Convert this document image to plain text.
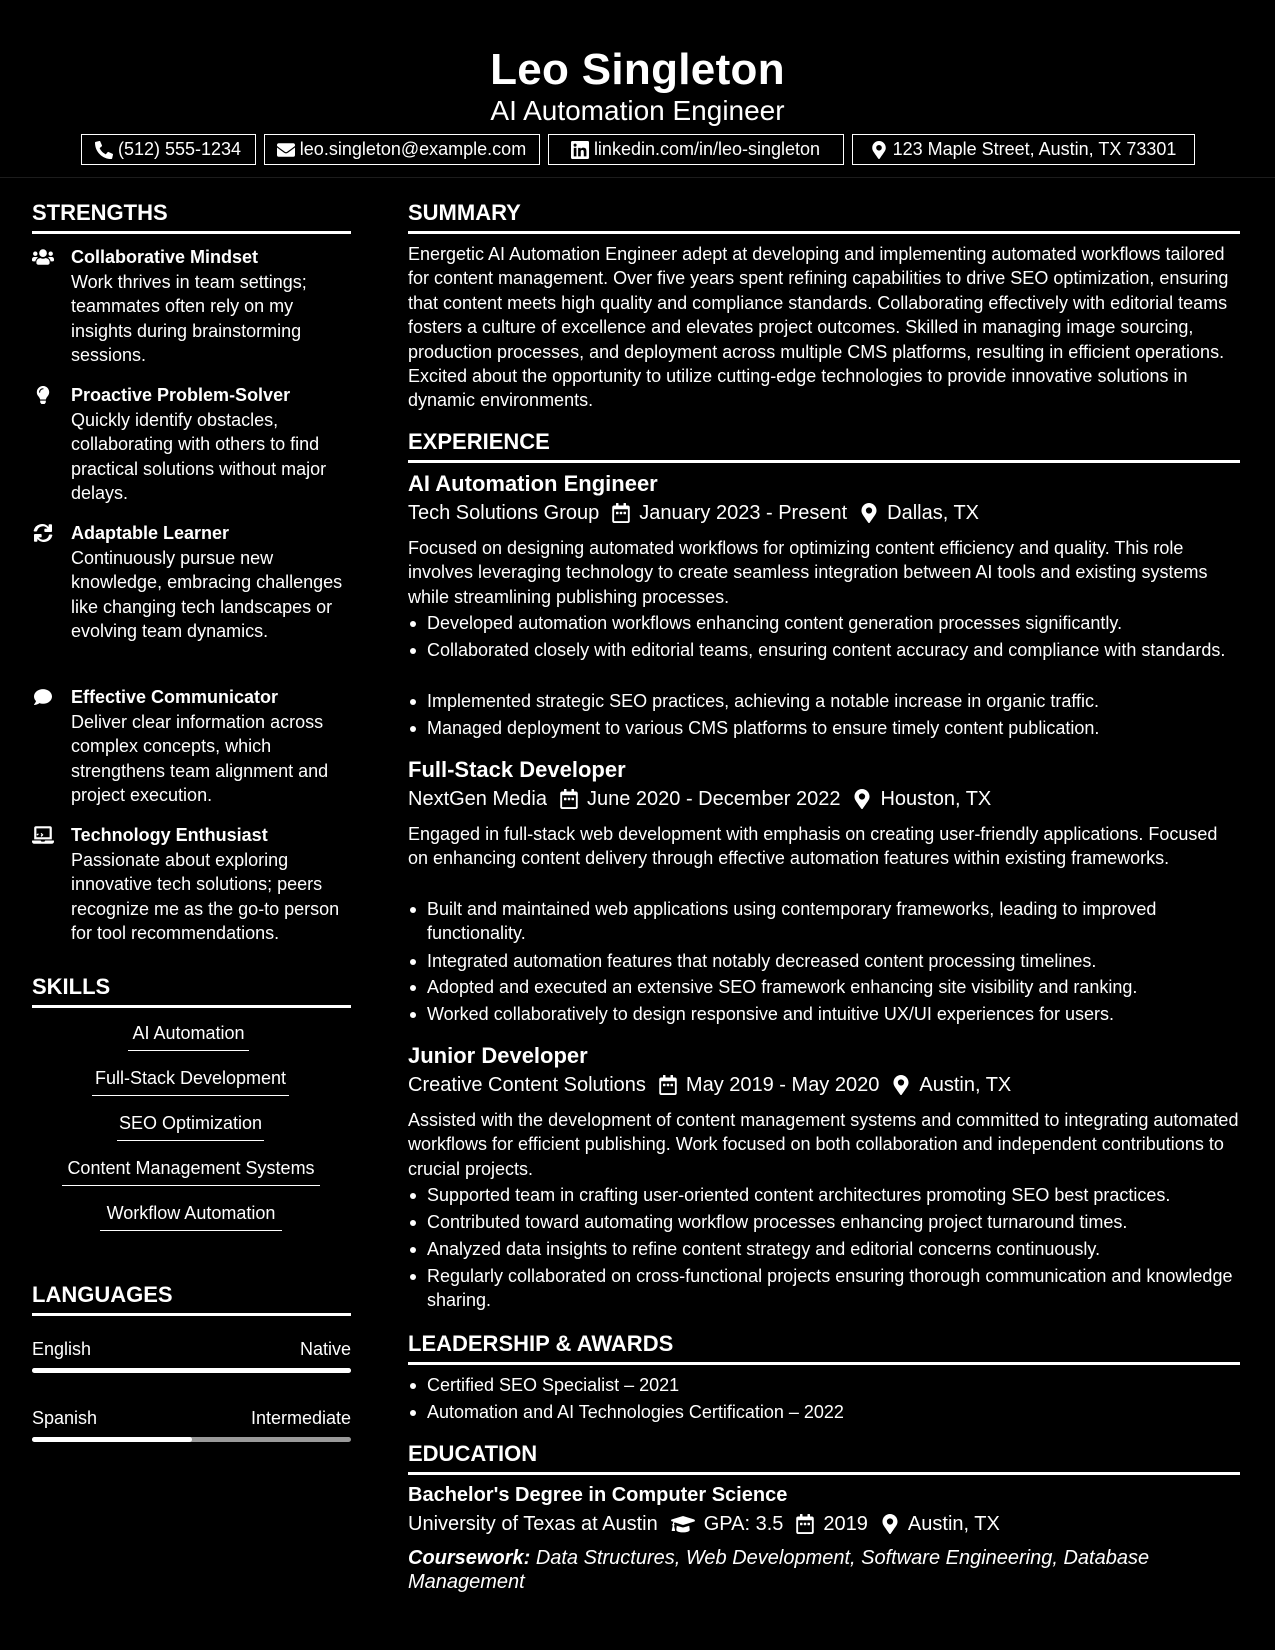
Leo Singleton
AI Automation Engineer
(512) 555-1234	leo.singleton@example.com	linkedin.com/in/leo-singleton	123 Maple Street, Austin, TX 73301
STRENGTHS
Collaborative Mindset
Work thrives in team settings; teammates often rely on my insights during brainstorming sessions.
Proactive Problem-Solver
Quickly identify obstacles, collaborating with others to find practical solutions without major delays.
Adaptable Learner
Continuously pursue new knowledge, embracing challenges like changing tech landscapes or evolving team dynamics.
Effective Communicator
Deliver clear information across complex concepts, which strengthens team alignment and project execution.
Technology Enthusiast
Passionate about exploring innovative tech solutions; peers recognize me as the go-to person for tool recommendations.
SKILLS
AI Automation
Full-Stack Development
SEO Optimization
Content Management Systems
Workflow Automation
LANGUAGES
English	Native
Spanish	Intermediate
SUMMARY
Energetic AI Automation Engineer adept at developing and implementing automated workflows tailored for content management. Over five years spent refining capabilities to drive SEO optimization, ensuring that content meets high quality and compliance standards. Collaborating effectively with editorial teams fosters a culture of excellence and elevates project outcomes. Skilled in managing image sourcing, production processes, and deployment across multiple CMS platforms, resulting in efficient operations. Excited about the opportunity to utilize cutting-edge technologies to provide innovative solutions in dynamic environments.
EXPERIENCE
AI Automation Engineer
Tech Solutions Group January 2023 - Present Dallas, TX
Focused on designing automated workflows for optimizing content efficiency and quality. This role involves leveraging technology to create seamless integration between AI tools and existing systems while streamlining publishing processes.
Developed automation workflows enhancing content generation processes significantly.
Collaborated closely with editorial teams, ensuring content accuracy and compliance with standards.
Implemented strategic SEO practices, achieving a notable increase in organic traffic.
Managed deployment to various CMS platforms to ensure timely content publication.
Full-Stack Developer
NextGen Media June 2020 - December 2022 Houston, TX
Engaged in full-stack web development with emphasis on creating user-friendly applications. Focused on enhancing content delivery through effective automation features within existing frameworks.
Built and maintained web applications using contemporary frameworks, leading to improved functionality.
Integrated automation features that notably decreased content processing timelines.
Adopted and executed an extensive SEO framework enhancing site visibility and ranking.
Worked collaboratively to design responsive and intuitive UX/UI experiences for users.
Junior Developer
Creative Content Solutions May 2019 - May 2020 Austin, TX
Assisted with the development of content management systems and committed to integrating automated workflows for efficient publishing. Work focused on both collaboration and independent contributions to crucial projects.
Supported team in crafting user-oriented content architectures promoting SEO best practices.
Contributed toward automating workflow processes enhancing project turnaround times.
Analyzed data insights to refine content strategy and editorial concerns continuously.
Regularly collaborated on cross-functional projects ensuring thorough communication and knowledge sharing.
LEADERSHIP & AWARDS
Certified SEO Specialist – 2021
Automation and AI Technologies Certification – 2022
EDUCATION
Bachelor's Degree in Computer Science
University of Texas at Austin GPA: 3.5 2019 Austin, TX
Coursework: Data Structures, Web Development, Software Engineering, Database Management
